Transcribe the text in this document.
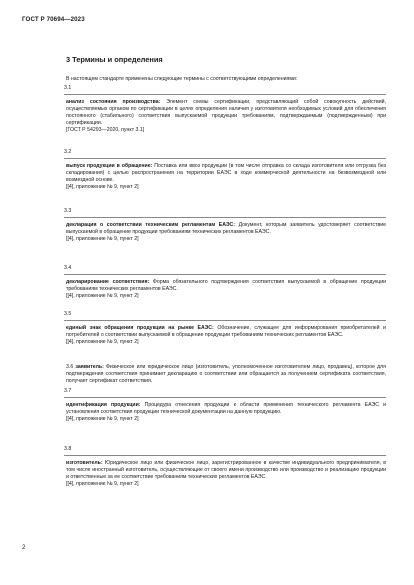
ГОСТ Р 70694—2023
3 Термины и определения
В настоящем стандарте применены следующие термины с соответствующими определениями:
3.1
анализ состояния производства: Элемент схемы сертификации, представляющий собой совокупность действий, осуществляемых органом по сертификации в целях определения наличия у изготовителя необходимых условий для обеспечения постоянного (стабильного) соответствия выпускаемой продукции требованиям, подтверждаемым (подтвержденным) при сертификации.
[ГОСТ Р 54293—2020, пункт 3.1]
3.2
выпуск продукции в обращение: Поставка или ввоз продукции (в том числе отправка со склада изготовителя или отгрузка без складирования) с целью распространения на территории ЕАЭС в ходе коммерческой деятельности на безвозмездной или возмездной основе.
[[4], приложение № 9, пункт 2]
3.3
декларация о соответствии техническим регламентам ЕАЭС: Документ, которым заявитель удостоверяет соответствие выпускаемой в обращение продукции требованиям технических регламентов ЕАЭС.
[[4], приложение № 9, пункт 2]
3.4
декларирование соответствия: Форма обязательного подтверждения соответствия выпускаемой в обращение продукции требованиям технических регламентов ЕАЭС.
[[4], приложение № 9, пункт 2]
3.5
единый знак обращения продукции на рынке ЕАЭС: Обозначение, служащее для информирования приобретателей и потребителей о соответствии выпускаемой в обращение продукции требованиям технических регламентов ЕАЭС.
[[4], приложение № 9, пункт 2]
3.6 заявитель: Физическое или юридическое лицо (изготовитель, уполномоченное изготовителем лицо, продавец), которое для подтверждения соответствия принимает декларацию о соответствии или обращается за получением сертификата соответствия, получает сертификат соответствия.
3.7
идентификация продукции: Процедура отнесения продукции к области применения технического регламента ЕАЭС и установления соответствия продукции технической документации на данную продукцию.
[[4], приложение № 9, пункт 2]
3.8
изготовитель: Юридическое лицо или физическое лицо, зарегистрированное в качестве индивидуального предпринимателя, в том числе иностранный изготовитель, осуществляющие от своего имени производство или производство и реализацию продукции и ответственные за ее соответствие требованиям технических регламентов ЕАЭС.
[[4], приложение № 9, пункт 2]
2
